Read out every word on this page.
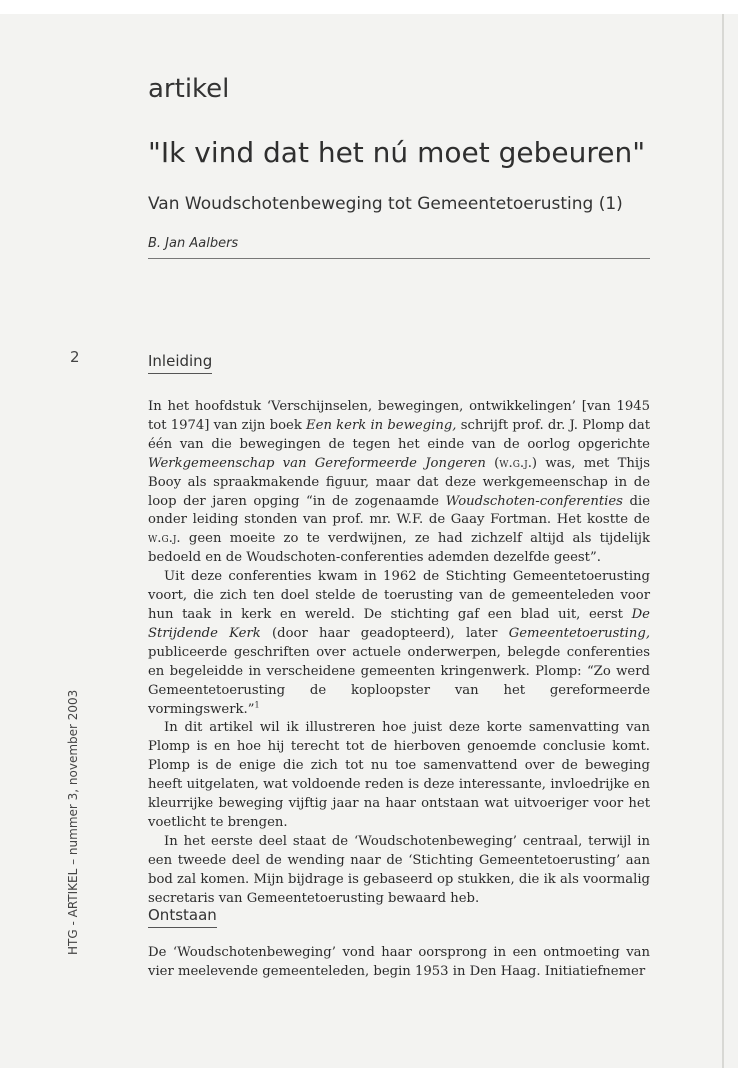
artikel
"Ik vind dat het nú moet gebeuren"
Van Woudschotenbeweging tot Gemeentetoerusting (1)
B. Jan Aalbers
2
HTG - ARTIKEL – nummer 3, november 2003
Inleiding

In het hoofdstuk ‘Verschijnselen, bewegingen, ontwikkelingen’ [van 1945 tot 1974] van zijn boek Een kerk in beweging, schrijft prof. dr. J. Plomp dat één van die bewegingen de tegen het einde van de oorlog opgerichte Werkgemeenschap van Gereformeerde Jongeren (w.g.j.) was, met Thijs Booy als spraakmakende figuur, maar dat deze werkgemeenschap in de loop der jaren opging “in de zogenaamde Woudschoten-conferenties die onder leiding stonden van prof. mr. W.F. de Gaay Fortman. Het kostte de w.g.j. geen moeite zo te verdwijnen, ze had zichzelf altijd als tijdelijk bedoeld en de Woudschoten-conferenties ademden dezelfde geest”.

Uit deze conferenties kwam in 1962 de Stichting Gemeentetoerusting voort, die zich ten doel stelde de toerusting van de gemeenteleden voor hun taak in kerk en wereld. De stichting gaf een blad uit, eerst De Strijdende Kerk (door haar geadopteerd), later Gemeentetoerusting, publiceerde geschriften over actuele onderwerpen, belegde conferenties en begeleidde in verscheidene gemeenten kringenwerk. Plomp: “Zo werd Gemeentetoerusting de koploopster van het gereformeerde vormingswerk.”$^1$

In dit artikel wil ik illustreren hoe juist deze korte samenvatting van Plomp is en hoe hij terecht tot de hierboven genoemde conclusie komt. Plomp is de enige die zich tot nu toe samenvattend over de beweging heeft uitgelaten, wat voldoende reden is deze interessante, invloedrijke en kleurrijke beweging vijftig jaar na haar ontstaan wat uitvoeriger voor het voetlicht te brengen.

In het eerste deel staat de ‘Woudschotenbeweging’ centraal, terwijl in een tweede deel de wending naar de ‘Stichting Gemeentetoerusting’ aan bod zal komen. Mijn bijdrage is gebaseerd op stukken, die ik als voormalig secretaris van Gemeentetoerusting bewaard heb.

Ontstaan

De ‘Woudschotenbeweging’ vond haar oorsprong in een ontmoeting van vier meelevende gemeenteleden, begin 1953 in Den Haag. Initiatiefnemer
